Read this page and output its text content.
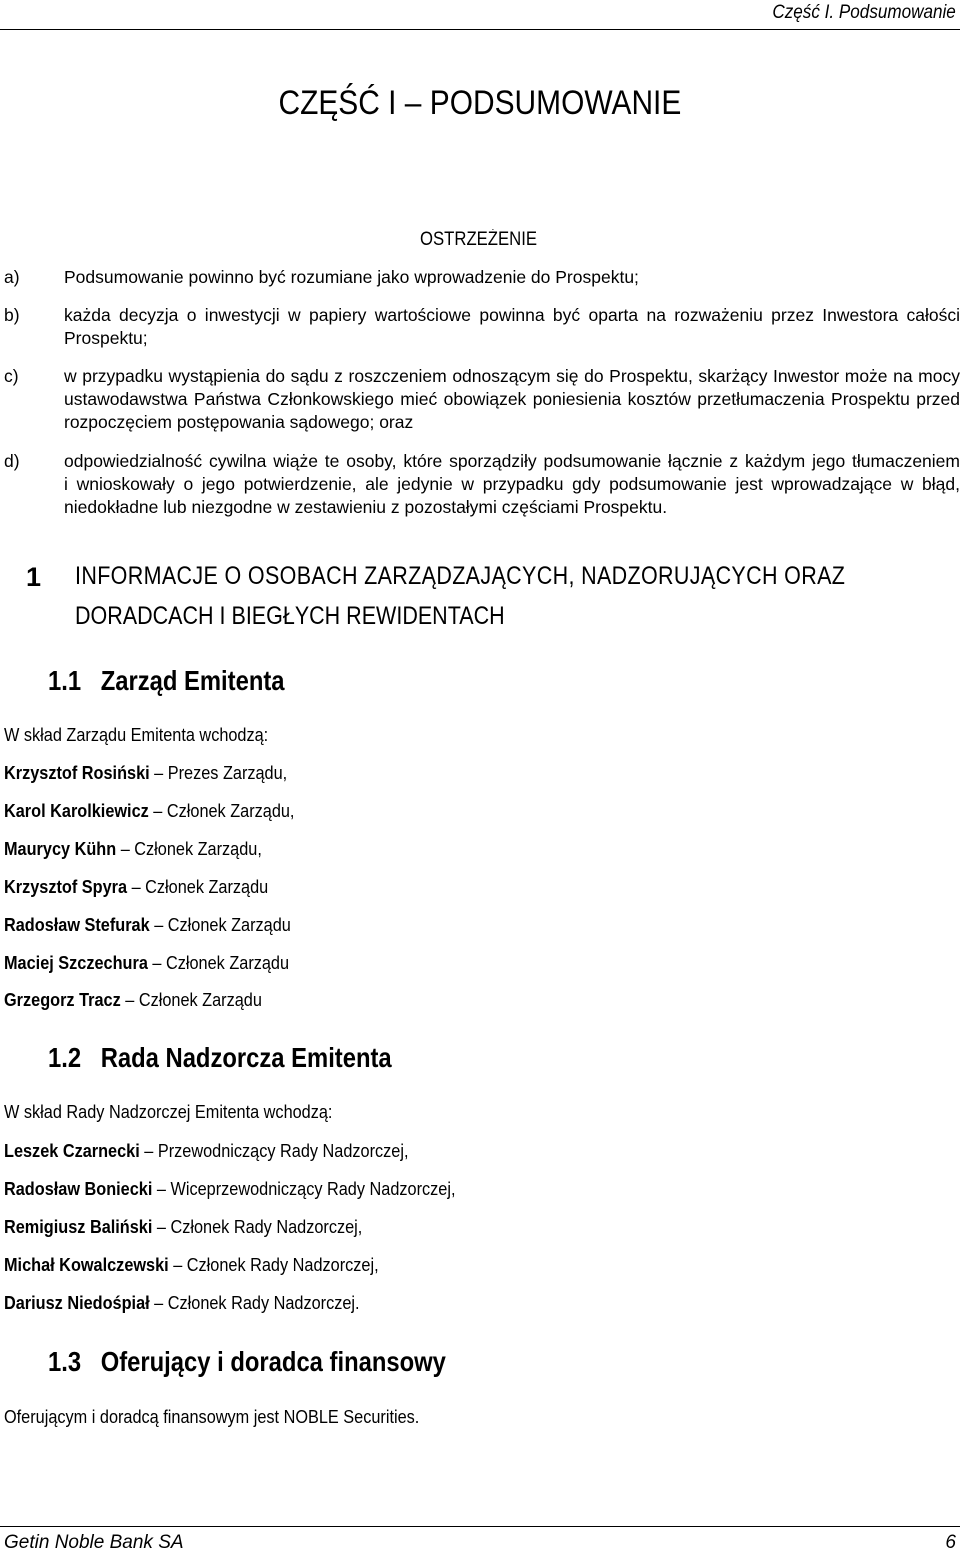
Część I. Podsumowanie
CZĘŚĆ I – PODSUMOWANIE
OSTRZEŻENIE
a)	Podsumowanie powinno być rozumiane jako wprowadzenie do Prospektu;
b)	każda decyzja o inwestycji w papiery wartościowe powinna być oparta na rozważeniu przez Inwestora całości
Prospektu;
c)	w przypadku wystąpienia do sądu z roszczeniem odnoszącym się do Prospektu, skarżący Inwestor może na mocy
ustawodawstwa Państwa Członkowskiego mieć obowiązek poniesienia kosztów przetłumaczenia Prospektu przed
rozpoczęciem postępowania sądowego; oraz
d)	odpowiedzialność cywilna wiąże te osoby, które sporządziły podsumowanie łącznie z każdym jego tłumaczeniem
i wnioskowały o jego potwierdzenie, ale jedynie w przypadku gdy podsumowanie jest wprowadzające w błąd,
niedokładne lub niezgodne w zestawieniu z pozostałymi częściami Prospektu.
1 INFORMACJE O OSOBACH ZARZĄDZAJĄCYCH, NADZORUJĄCYCH ORAZ
DORADCACH I BIEGŁYCH REWIDENTACH
1.1 Zarząd Emitenta
W skład Zarządu Emitenta wchodzą:
Krzysztof Rosiński – Prezes Zarządu,
Karol Karolkiewicz – Członek Zarządu,
Maurycy Kühn – Członek Zarządu,
Krzysztof Spyra – Członek Zarządu
Radosław Stefurak – Członek Zarządu
Maciej Szczechura – Członek Zarządu
Grzegorz Tracz – Członek Zarządu
1.2 Rada Nadzorcza Emitenta
W skład Rady Nadzorczej Emitenta wchodzą:
Leszek Czarnecki – Przewodniczący Rady Nadzorczej,
Radosław Boniecki – Wiceprzewodniczący Rady Nadzorczej,
Remigiusz Baliński – Członek Rady Nadzorczej,
Michał Kowalczewski – Członek Rady Nadzorczej,
Dariusz Niedośpiał – Członek Rady Nadzorczej.
1.3 Oferujący i doradca finansowy
Oferującym i doradcą finansowym jest NOBLE Securities.
Getin Noble Bank SA	6
